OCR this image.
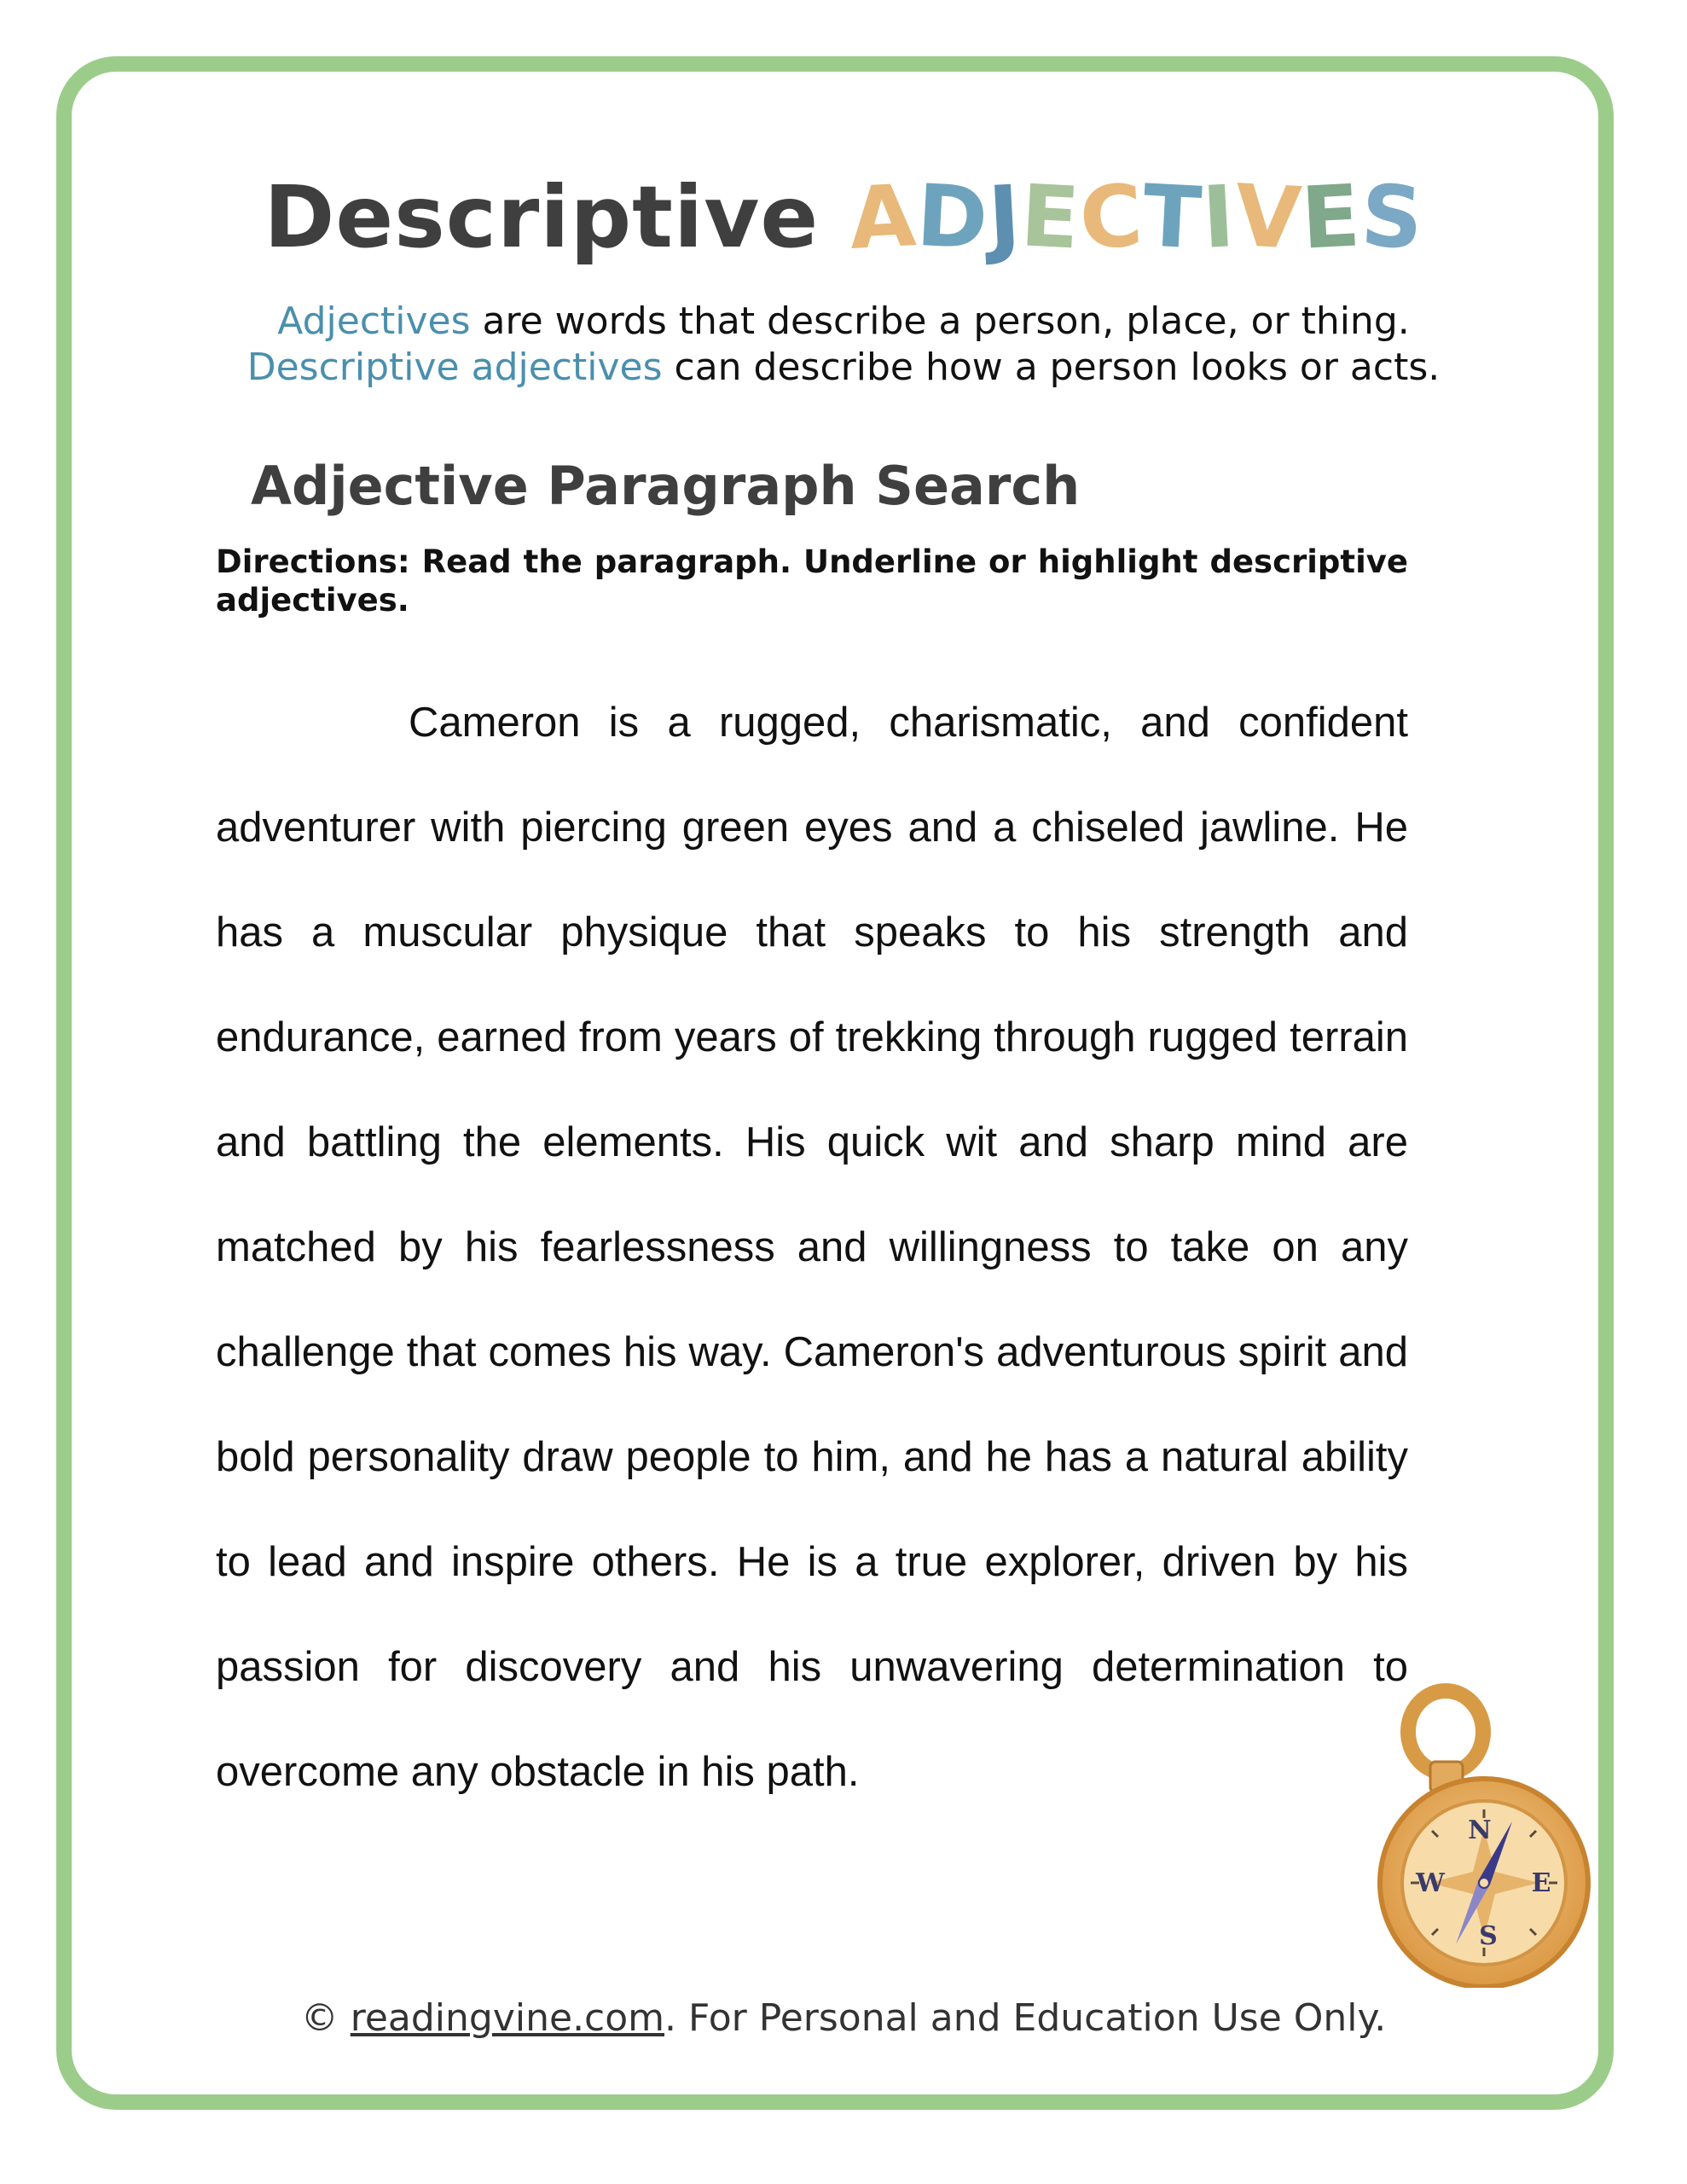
Descriptive ADJECTIVES
Adjectives are words that describe a person, place, or thing.
Descriptive adjectives can describe how a person looks or acts.
Adjective Paragraph Search
Directions: Read the paragraph. Underline or highlight descriptive adjectives.
Cameron is a rugged, charismatic, and confident adventurer with piercing green eyes and a chiseled jawline. He has a muscular physique that speaks to his strength and endurance, earned from years of trekking through rugged terrain and battling the elements. His quick wit and sharp mind are matched by his fearlessness and willingness to take on any challenge that comes his way. Cameron's adventurous spirit and bold personality draw people to him, and he has a natural ability to lead and inspire others. He is a true explorer, driven by his passion for discovery and his unwavering determination to overcome any obstacle in his path.
N
E
S
W
© readingvine.com. For Personal and Education Use Only.
